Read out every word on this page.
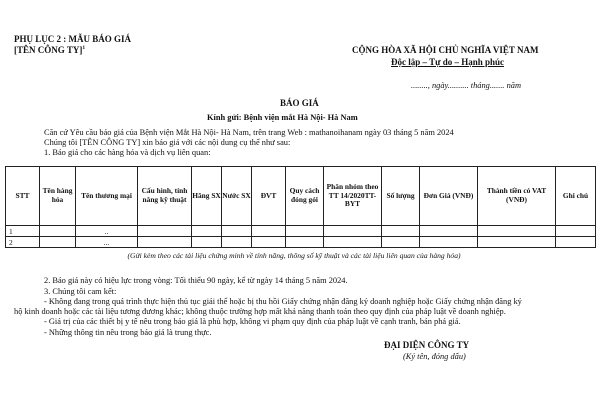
PHỤ LỤC 2 : MẪU BÁO GIÁ
[TÊN CÔNG TY]$^1$	CỘNG HÒA XÃ HỘI CHỦ NGHĨA VIỆT NAM
Độc lập – Tự do – Hạnh phúc
........, ngày.......... tháng....... năm
BÁO GIÁ
Kính gửi: Bệnh viện mắt Hà Nội- Hà Nam
Căn cứ Yêu cầu báo giá của Bệnh viện Mắt Hà Nội- Hà Nam, trên trang Web : mathanoihanam ngày 03 tháng 5 năm 2024
Chúng tôi [TÊN CÔNG TY] xin báo giá với các nội dung cụ thể như sau:
1. Báo giá cho các hàng hóa và dịch vụ liên quan:
STT	Tên hàng hóa	Tên thương mại	Cấu hình, tính năng kỹ thuật	Hãng SX	Nước SX	ĐVT	Quy cách đóng gói	Phân nhóm theo TT 14/2020TT-BYT	Số lượng	Đơn Giá (VNĐ)	Thành tiền có VAT (VNĐ)	Ghi chú
1		..										
2		...										
(Gửi kèm theo các tài liệu chứng minh về tính năng, thông số kỹ thuật và các tài liệu liên quan của hàng hóa)
2. Báo giá này có hiệu lực trong vòng: Tối thiểu 90 ngày, kể từ ngày 14 tháng 5 năm 2024.
3. Chúng tôi cam kết:
- Không đang trong quá trình thực hiện thủ tục giải thể hoặc bị thu hồi Giấy chứng nhận đăng ký doanh nghiệp hoặc Giấy chứng nhận đăng ký
hộ kinh doanh hoặc các tài liệu tương đương khác; không thuộc trường hợp mất khả năng thanh toán theo quy định của pháp luật về doanh nghiệp.
- Giá trị của các thiết bị y tế nêu trong báo giá là phù hợp, không vi phạm quy định của pháp luật về cạnh tranh, bán phá giá.
- Những thông tin nêu trong báo giá là trung thực.
ĐẠI DIỆN CÔNG TY
(Ký tên, đóng dấu)
